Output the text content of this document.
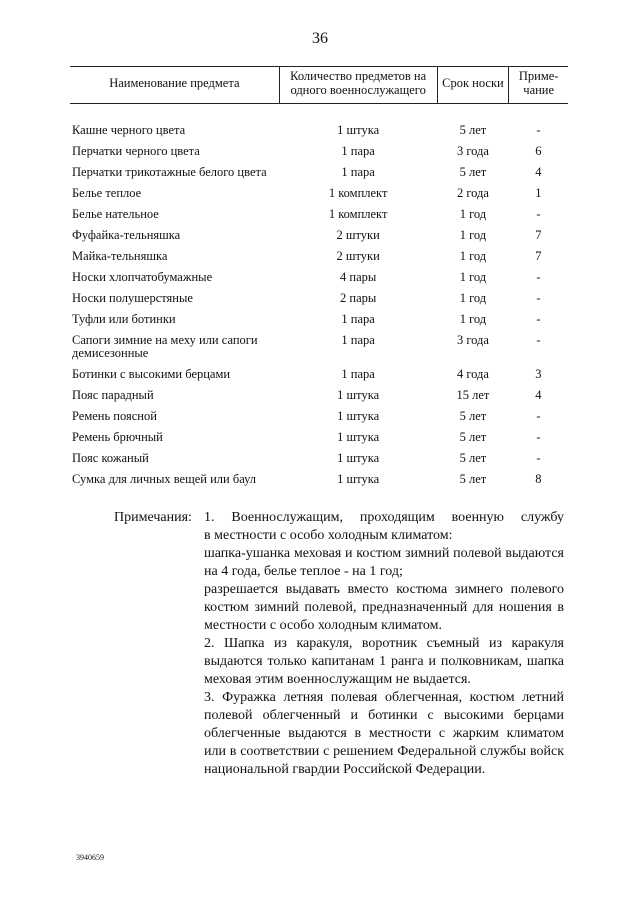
36
Наименование предмета	Количество предметов на одного военнослужащего	Срок носки	Приме-чание
Кашне черного цвета	1 штука	5 лет	-
Перчатки черного цвета	1 пара	3 года	6
Перчатки трикотажные белого цвета	1 пара	5 лет	4
Белье теплое	1 комплект	2 года	1
Белье нательное	1 комплект	1 год	-
Фуфайка-тельняшка	2 штуки	1 год	7
Майка-тельняшка	2 штуки	1 год	7
Носки хлопчатобумажные	4 пары	1 год	-
Носки полушерстяные	2 пары	1 год	-
Туфли или ботинки	1 пара	1 год	-
Сапоги зимние на меху или сапоги демисезонные	1 пара	3 года	-
Ботинки с высокими берцами	1 пара	4 года	3
Пояс парадный	1 штука	15 лет	4
Ремень поясной	1 штука	5 лет	-
Ремень брючный	1 штука	5 лет	-
Пояс кожаный	1 штука	5 лет	-
Сумка для личных вещей или баул	1 штука	5 лет	8
Примечания: 1. Военнослужащим, проходящим военную службу

в местности с особо холодным климатом:

шапка-ушанка меховая и костюм зимний полевой выдаются на 4 года, белье теплое - на 1 год;

разрешается выдавать вместо костюма зимнего полевого костюм зимний полевой, предназначенный для ношения в местности с особо холодным климатом.

2. Шапка из каракуля, воротник съемный из каракуля выдаются только капитанам 1 ранга и полковникам, шапка меховая этим военнослужащим не выдается.

3. Фуражка летняя полевая облегченная, костюм летний полевой облегченный и ботинки с высокими берцами облегченные выдаются в местности с жарким климатом или в соответствии с решением Федеральной службы войск национальной гвардии Российской Федерации.

3940659
